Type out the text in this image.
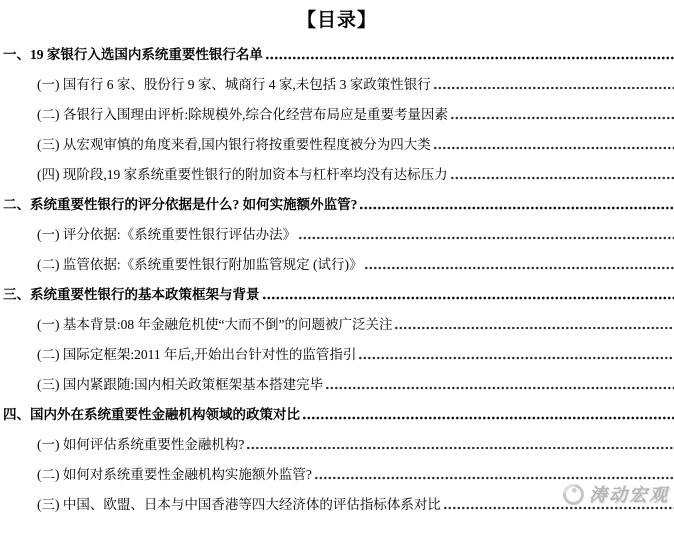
【目录】
一、19 家银行入选国内系统重要性银行名单
(一) 国有行 6 家、股份行 9 家、城商行 4 家,未包括 3 家政策性银行
(二) 各银行入围理由评析:除规模外,综合化经营布局应是重要考量因素
(三) 从宏观审慎的角度来看,国内银行将按重要性程度被分为四大类
(四) 现阶段,19 家系统重要性银行的附加资本与杠杆率均没有达标压力
二、系统重要性银行的评分依据是什么? 如何实施额外监管?
(一) 评分依据:《系统重要性银行评估办法》
(二) 监管依据:《系统重要性银行附加监管规定 (试行)》
三、系统重要性银行的基本政策框架与背景
(一) 基本背景:08 年金融危机使“大而不倒”的问题被广泛关注
(二) 国际定框架:2011 年后,开始出台针对性的监管指引
(三) 国内紧跟随:国内相关政策框架基本搭建完毕
四、国内外在系统重要性金融机构领域的政策对比
(一) 如何评估系统重要性金融机构?
(二) 如何对系统重要性金融机构实施额外监管?
(三) 中国、欧盟、日本与中国香港等四大经济体的评估指标体系对比	涛动宏观
